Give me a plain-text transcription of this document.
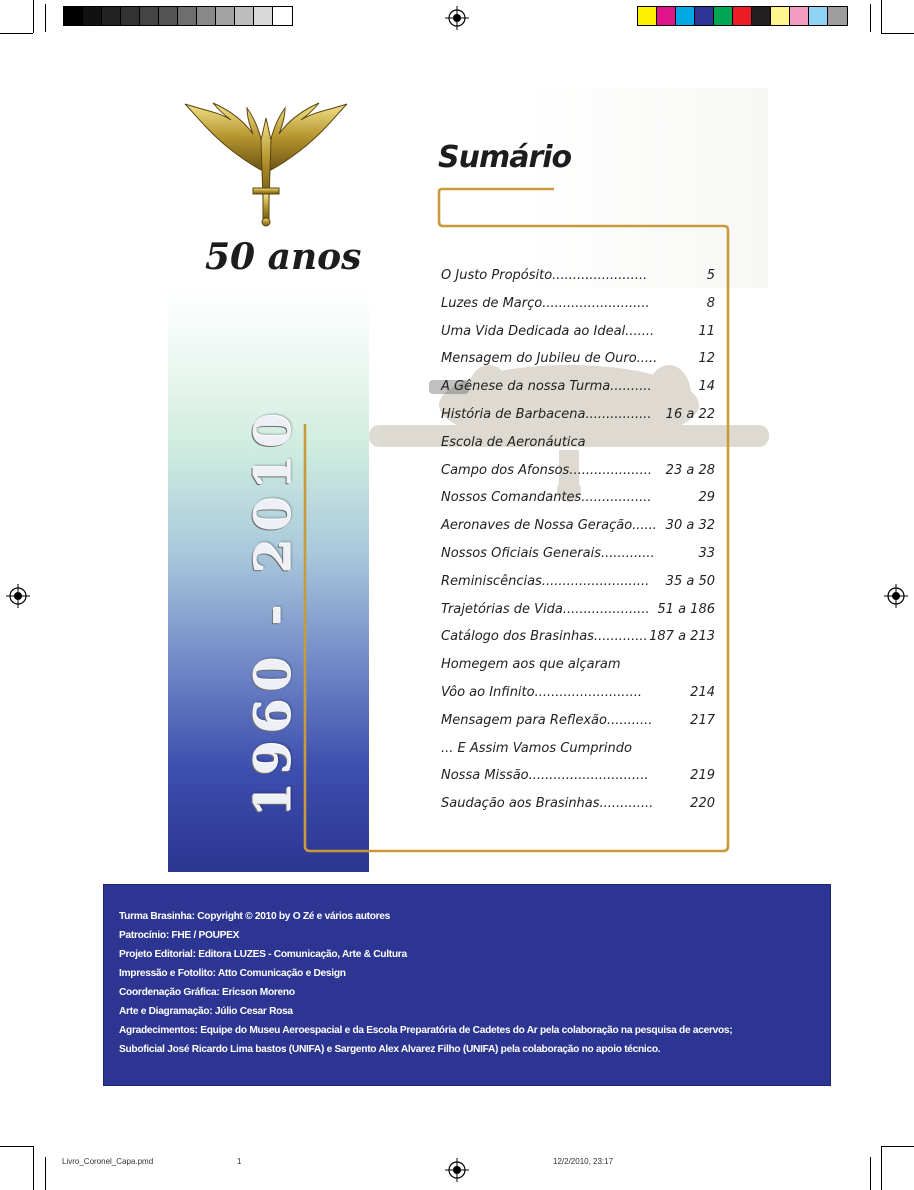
50 anos
1960 - 2010
Sumário
O Justo Propósito.......................	5
Luzes de Março..........................	8
Uma Vida Dedicada ao Ideal.......	11
Mensagem do Jubileu de Ouro.....	12
A Gênese da nossa Turma..........	14
História de Barbacena................ 16 a 22
Escola de Aeronáutica
Campo dos Afonsos.................... 23 a 28
Nossos Comandantes.................	29
Aeronaves de Nossa Geração...... 30 a 32
Nossos Oficiais Generais.............	33
Reminiscências.......................... 35 a 50
Trajetórias de Vida..................... 51 a 186
Catálogo dos Brasinhas............. 187 a 213
Homegem aos que alçaram
Vôo ao Infinito..........................	214
Mensagem para Reflexão...........	217
... E Assim Vamos Cumprindo
Nossa Missão.............................	219
Saudação aos Brasinhas.............	220
Turma Brasinha: Copyright © 2010 by O Zé e vários autores
Patrocínio: FHE / POUPEX
Projeto Editorial: Editora LUZES - Comunicação, Arte & Cultura
Impressão e Fotolito: Atto Comunicação e Design
Coordenação Gráfica: Ericson Moreno
Arte e Diagramação: Júlio Cesar Rosa
Agradecimentos: Equipe do Museu Aeroespacial e da Escola Preparatória de Cadetes do Ar pela colaboração na pesquisa de acervos;
Suboficial José Ricardo Lima bastos (UNIFA) e Sargento Alex Alvarez Filho (UNIFA) pela colaboração no apoio técnico.
Livro_Coronel_Capa.pmd	1	12/2/2010, 23:17
